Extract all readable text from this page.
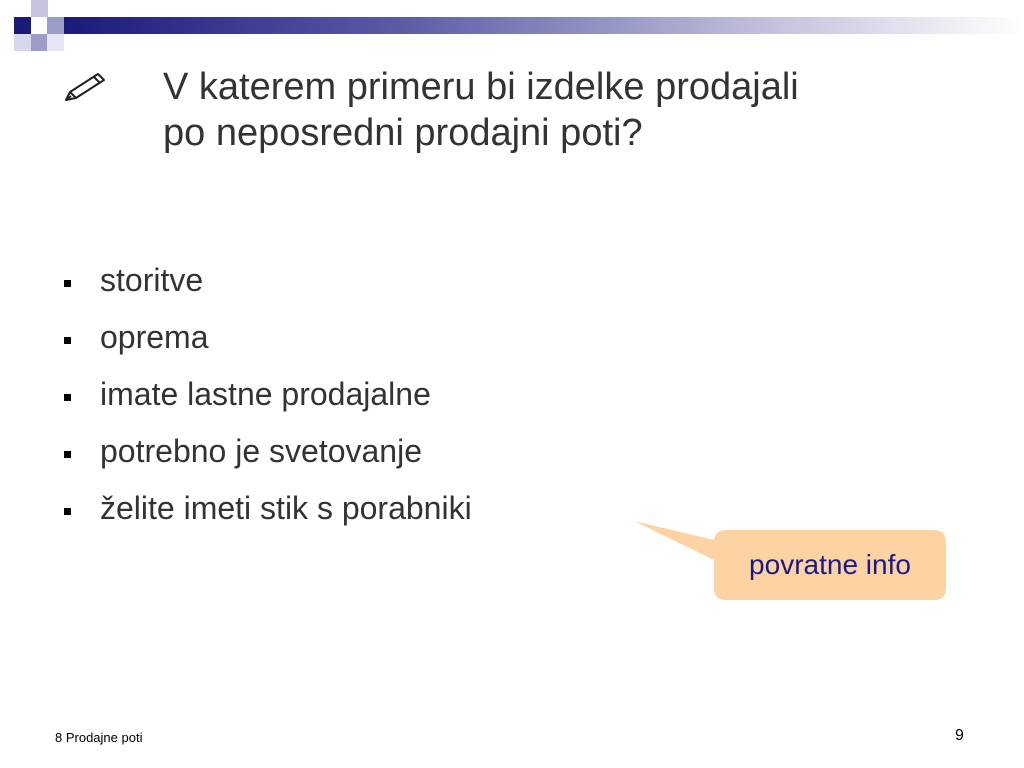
V katerem primeru bi izdelke prodajali
po neposredni prodajni poti?
storitve
oprema
imate lastne prodajalne
potrebno je svetovanje
želite imeti stik s porabniki
povratne info
8 Prodajne poti	9
